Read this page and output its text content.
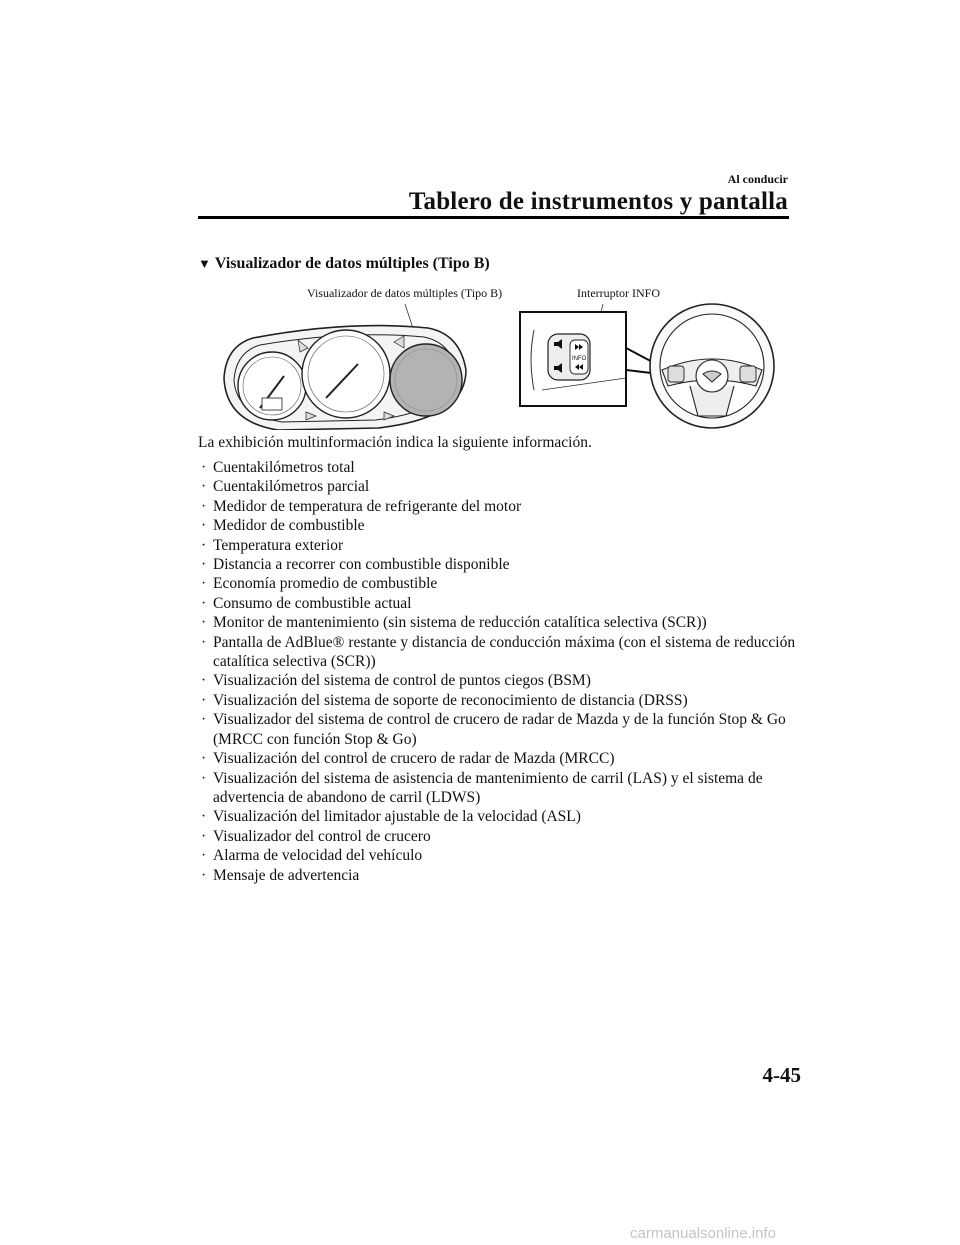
Al conducir
Tablero de instrumentos y pantalla
▼ Visualizador de datos múltiples (Tipo B)
Visualizador de datos múltiples (Tipo B)	Interruptor INFO
INFO
La exhibición multinformación indica la siguiente información.
· Cuentakilómetros total
· Cuentakilómetros parcial
· Medidor de temperatura de refrigerante del motor
· Medidor de combustible
· Temperatura exterior
· Distancia a recorrer con combustible disponible
· Economía promedio de combustible
· Consumo de combustible actual
· Monitor de mantenimiento (sin sistema de reducción catalítica selectiva (SCR))
· Pantalla de AdBlue® restante y distancia de conducción máxima (con el sistema de reducción catalítica selectiva (SCR))
· Visualización del sistema de control de puntos ciegos (BSM)
· Visualización del sistema de soporte de reconocimiento de distancia (DRSS)
· Visualizador del sistema de control de crucero de radar de Mazda y de la función Stop & Go (MRCC con función Stop & Go)
· Visualización del control de crucero de radar de Mazda (MRCC)
· Visualización del sistema de asistencia de mantenimiento de carril (LAS) y el sistema de advertencia de abandono de carril (LDWS)
· Visualización del limitador ajustable de la velocidad (ASL)
· Visualizador del control de crucero
· Alarma de velocidad del vehículo
· Mensaje de advertencia
4-45
carmanualsonline.info
